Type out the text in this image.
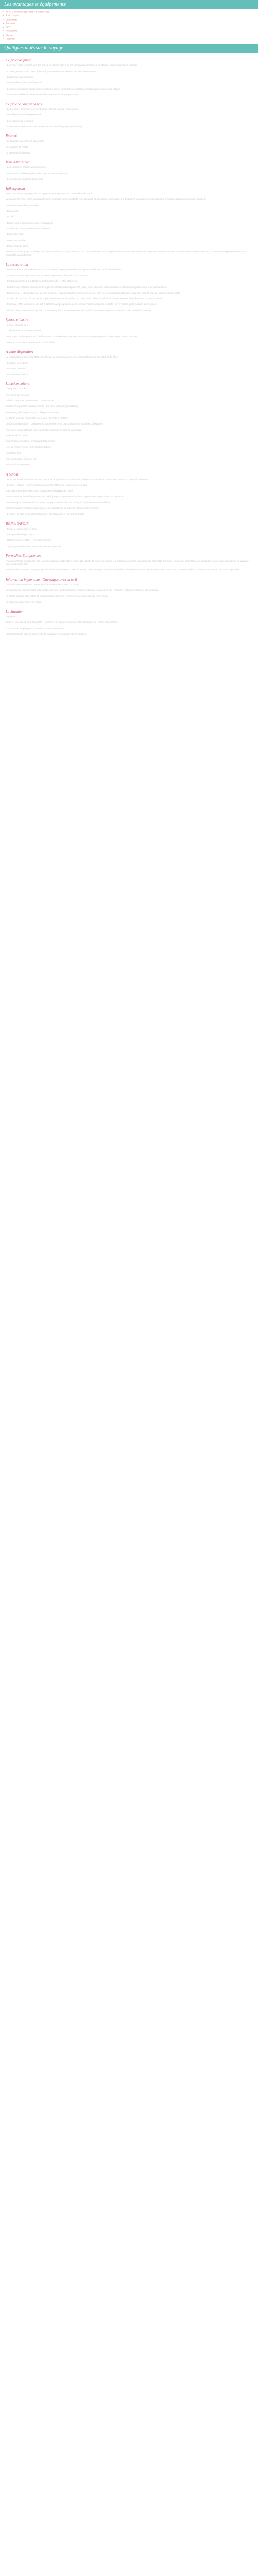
Les avantages et équipements
● Wi-Fi ⊙ inclusive (et Paris n°1 acteur ville)
● Tout compris
● Chambres
● Transfert
● RER
● Restaurant
● Piscine
● Parkings
Quelques mots sur le voyage
Ce prix comprend

- Les vols réguliers opérés par les lignes aériennes citées ou les compagnies membres de l'alliance, taxes d'aéroport incluses

- L'hébergement sur la base de la catégorie de chambre retenue lors de la réservation,

- La formule Tout compris,

- Les transferts aéroport / hôtel A/R,

- Les taxes aériennes sont comprises dans le prix et pourront être sujettes à modification jusqu'à votre départ,

- La taxe de solidarité et la taxe d'embarquement de 2€ par personne.

Ce prix ne comprend pas

- Les repas et boissons non mentionnés dans la formule Tout compris,

- Les dépenses d'ordre personnel,

- Les excursions et visites

- L'assurance assistance rapatriement et annulation bagages (en option).

Résumé

Les chambres propres et spacieuses

La situation de l'hôtel

La personnel à l'écoute

Vous Allez Aimer

- Les chambres propres et spacieuses

- La situation de l'hôtel, près de la plage et des commerces

- Le personnel souriant et à l'écoute

Hébergement

Entre Los Mares et plages de 143 appartements spacieux et confortables de 52m²

Vous aurez le choix entre un appartement 1 chambre avec possibilité (sur demande et en sus de réservation) 1 lit d'appoint, un appartement 2 chambres. Tous les appartements sont équipés :

- D'un balcon ou d'une terrasse,

- D'un salon,

- Du wifi,

- D'une cuisine américaine avec réfrigérateur,

- Carafes et d'eau du robinetterie et d'eau,

- D'un coffre-fort,

- D'une TV satellite,

- D'une salle de bains.

Service : Le nettoyage et le linge fourni par semaine, en tant que frais TTC. Les serviettes sont changées deux fois par semaine et les draps une fois par semaine. Les serviettes de piscine et des couvertures supplémentaires sont disponibles gratuitement.

La restauration

- Le restaurant « Mar Mediterraneo » propose une large gamme de petits plats et cuisine sous forme de buffet.

Les vins et autres spiritueux sont en vente auprès de la formule « Tout Inclus ».

- Petit déjeuner de 8 h à 10h30 au restaurant buffet « Mar Méditerra »

- Collation de 10h30 à 12h au bar de la piscine (restauration rapide, thé, café, jus et boissons rafraîchissantes, sélection de pâtisseries et de sandwiches).

- Déjeuner au « Mar Méditerra » de 13h à 15h au restaurant buffet (boissons incluses : vins, bières, boissons gazeuses, eau, thé, café et chocolat chaud, jus de fruits).

- Goûter de 16h30 à 18h au bar de la piscine (restauration rapide, thé, café, jus et boissons rafraîchissantes, sélection de pâtisseries et de sandwichs).

- Dîner au « Mar Méditerra » de 19h à 22h30 (sauf programme de la formule Tout Inclus) avec un buffet ouvert et des plats cuisinés sur le pouce.

Pour les dîners thématiques (3 fois par semaine), le code vestimentaire de la soirée est demandé (tenue correcte ou de la soirée à thème).

Sports et loisirs

- 1 hôtel-disposé de :

- 2 piscines dont une pour enfants,

- Des grand jardins propices à la détente et à la relaxation, avec des transats et parasols près de la piscine et dans la verdure.

Détendez-vous dans notre solarium ensoleillé !

À votre disposition

Le Hospitalet est ouvert à 24h/24 et prévient de nombreux services et informations sur les activités de l'île :

- Location de voitures

- Location de vélos

- Bureau d'excursions

Location voiture

Catégorie A - Kyoko

Âge minimum : 21 ans

Validité du permis de conduire : 1 an minimum

Supplément pour les conducteurs de - 23 ans : 10€/jour (conducteur)

Kilométrage illimité (Assurance obligatoire incluse)

Dépôt de garantie : franchise avec carte de crédit : 1 000 €

Dépôt non déductible : l'utilisation de la carte de crédit du conducteur principal est obligatoire

Franchise non modifiable : une franchise appliquée en cas de dommage

Frais de dépôt : 100€

Pour toute réservation : franchise totale incluse

Lieu de retour : selon votre point de départ

Prix total : 80€

Âge conducteur : min. 21 ans

Prix total des véhicules

À Savoir

Les locations de voiture entre 3 et 6 jours se récupèrent et se restituent à l'hôtel. Les locations 7 jours sont prises en charge à l'aéroport.

- Les lits - enfants - seront appliqués pour les enfants de 2 à moins de 12 ans.

Tout séjour peut être interrompu ou annulé à l'initiative de l'hôtel.

- Les chambres familiales peuvent accueillir jusqu'à 4 personnes, les lits d'appoint sont disponibles sur demande.

Taxe de séjour : environ 2€ par nuit et par personne de plus de 16 ans, à régler directement à l'hôtel.

En fonction des conditions climatiques, les installations et services peuvent être modifiés.

- Le dîner de gala du 24 et 31 décembre est obligatoire et payant sur place.

BON A SAVOIR

- Plage la plus proche : 100m

- Plus proche village : 500m

- Hôtel conseillé : 400m - Aéroport : 20 min

- Typologie de clientèle : Principalement européenne

Formalités Européennes

Avant de l'entrée espagnole (UE), la carte nationale d'identité en cours de validité de moins de 10 ans est suffisante pour les voyageurs de nationalité française. Si la carte d'identité a été prolongée, nous vous conseillons de voyager avec votre passeport.

Information importante : Voyages pour les enfants mineurs, la carte d'identité ou le passeport et l'autorisation de sortie de territoire (AST) est obligatoire. Pour toute autre nationalité, contacter le consulat dont vous dépendez.

Information importante : Ouvoyages avec la tarif

Les tarifs des prestations ne sont pas inclus dans le contenu du forfait.

Les prix des prestations sont susceptibles de varier en fonction de la réglementation en vigueur et des variations, notamment du prix du carburant.

Les tarifs affichés dépendent de la disponibilité aérienne et hôtelière au moment de la réservation.

Le prix peut varier à la réservation.

La Situation

Espagne :

Situé en face du joli port Cala d'Or, l'Hôtel est à 5 minutes du centre-ville. L'aéroport de Palma est à 60 km.

À proximité : les plages, commerces, bars et restaurants.

Idéalement situé pour découvrir l'île de Majorque, ses criques et ses villages.
